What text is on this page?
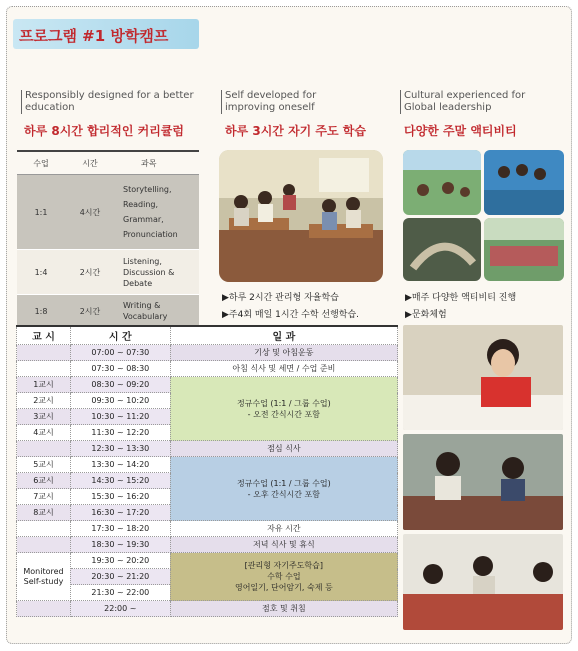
프로그램 #1 방학캠프
Responsibly designed for a better education
하루 8시간 합리적인 커리큘럼
Self developed for improving oneself
하루 3시간 자기 주도 학습
Cultural experienced for Global leadership
다양한 주말 액티비티
수업	시간	과목
1:1	4시간
Storytelling, Reading, Grammar, Pronunciation
1:4	2시간
Listening, Discussion & Debate
1:8	2시간
Writing & Vocabulary
▶하루 2시간 관리형 자율학습
▶주4회 매일 1시간 수학 선행학습.
▶매주 다양한 액티비티 진행
▶문화체험
교 시	시 간	일 과
	07:00 ~ 07:30	기상 및 아침운동
	07:30 ~ 08:30	아침 식사 및 세면 / 수업 준비
1교시	08:30 ~ 09:20	정규수업 (1:1 / 그룹 수업)
- 오전 간식시간 포함

2교시	09:30 ~ 10:20	
3교시	10:30 ~ 11:20	
4교시	11:30 ~ 12:20	
	12:30 ~ 13:30	점심 식사
5교시	13:30 ~ 14:20	정규수업 (1:1 / 그룹 수업)
- 오후 간식시간 포함

6교시	14:30 ~ 15:20	
7교시	15:30 ~ 16:20	
8교시	16:30 ~ 17:20	
	17:30 ~ 18:20	자유 시간
	18:30 ~ 19:30	저녁 식사 및 휴식
Monitored Self-study	19:30 ~ 20:20	[관리형 자기주도학습]
수학 수업
영어일기, 단어암기, 숙제 등

	20:30 ~ 21:20	
	21:30 ~ 22:00	
	22:00 ~	점호 및 취침
